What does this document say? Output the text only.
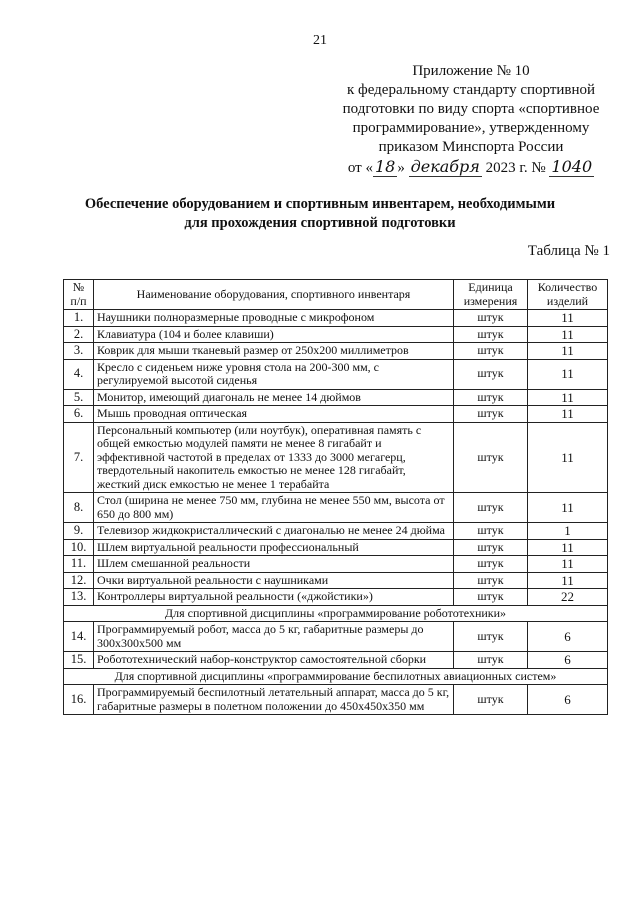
21
Приложение № 10
к федеральному стандарту спортивной
подготовки по виду спорта «спортивное
программирование», утвержденному
приказом Минспорта России
от « 18 » декабря 2023 г. № 1040
Обеспечение оборудованием и спортивным инвентарем, необходимыми
для прохождения спортивной подготовки
Таблица № 1
№ п/п	Наименование оборудования, спортивного инвентаря	Единица измерения	Количество изделий
1.	Наушники полноразмерные проводные с микрофоном	штук	11
2.	Клавиатура (104 и более клавиши)	штук	11
3.	Коврик для мыши тканевый размер от 250х200 миллиметров	штук	11
4.	Кресло с сиденьем ниже уровня стола на 200-300 мм, с регулируемой высотой сиденья	штук	11
5.	Монитор, имеющий диагональ не менее 14 дюймов	штук	11
6.	Мышь проводная оптическая	штук	11
7.	Персональный компьютер (или ноутбук), оперативная память с общей емкостью модулей памяти не менее 8 гигабайт и эффективной частотой в пределах от 1333 до 3000 мегагерц, твердотельный накопитель емкостью не менее 128 гигабайт, жесткий диск емкостью не менее 1 терабайта	штук	11
8.	Стол (ширина не менее 750 мм, глубина не менее 550 мм, высота от 650 до 800 мм)	штук	11
9.	Телевизор жидкокристаллический с диагональю не менее 24 дюйма	штук	1
10.	Шлем виртуальной реальности профессиональный	штук	11
11.	Шлем смешанной реальности	штук	11
12.	Очки виртуальной реальности с наушниками	штук	11
13.	Контроллеры виртуальной реальности («джойстики»)	штук	22
Для спортивной дисциплины «программирование робототехники»			
14.	Программируемый робот, масса до 5 кг, габаритные размеры до 300х300х500 мм	штук	6
15.	Робототехнический набор-конструктор самостоятельной сборки	штук	6
Для спортивной дисциплины «программирование беспилотных авиационных систем»			
16.	Программируемый беспилотный летательный аппарат, масса до 5 кг, габаритные размеры в полетном положении до 450х450х350 мм	штук	6
